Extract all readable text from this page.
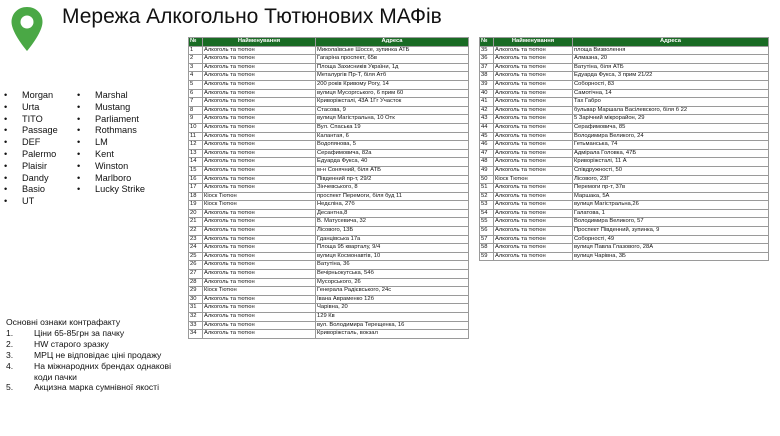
Мережа Алкогольно Тютюнових МАФів
• Morgan
• Urta
• TITO
• Passage
• DEF
• Palermo
• Plaisir
• Dandy
• Basio
• UT
• Marshal
• Mustang
• Parliament
• Rothmans
• LM
• Kent
• Winston
• Marlboro
• Lucky Strike
Основні ознаки контрафакту
1. Ціни 65-85грн за пачку
2. HW старого зразку
3. МРЦ не відповідає ціні продажу
4. На міжнародних брендах однакові коди пачки
5. Акцизна марка сумнівної якості
№	Найменування	Адреса
1	Алкоголь та тютюн	Миколаївське Шоссе, зупинка АТБ
2	Алкоголь та тютюн	Гагаріна проспект, 65в
3	Алкоголь та тютюн	Площа Захисників України, 1д
4	Алкоголь та тютюн	Металургів Пр-Т, біля Атб
5	Алкоголь та тютюн	200 років Кривому Рогу, 14
6	Алкоголь та тютюн	вулиця Мусоргського, 6 прим 60
7	Алкоголь та тютюн	Криворіжсталі, 43А 1Гг Участок
8	Алкоголь та тютюн	Стасова, 9
9	Алкоголь та тютюн	вулиця Магістральна, 10 Отк
10	Алкоголь та тютюн	Вул. Спаська 19
11	Алкоголь та тютюн	Калантая, 6
12	Алкоголь та тютюн	Водопянова, 5
13	Алкоголь та тютюн	Серафимовича, 82а
14	Алкоголь та тютюн	Едуарда Фукса, 40
15	Алкоголь та тютюн	м-н Сонячний, біля АТБ
16	Алкоголь та тютюн	Південний пр-т, 29/2
17	Алкоголь та тютюн	Зінчевського, 8
18	Кіоск Тютюн	проспект Перемоги, біля буд 11
19	Кіоск Тютюн	Недєліна, 27б
20	Алкоголь та тютюн	Десантна,8
21	Алкоголь та тютюн	В. Матусевича, 32
22	Алкоголь та тютюн	Лісового, 13Б
23	Алкоголь та тютюн	Гданцівська 17а
24	Алкоголь та тютюн	Площа 95 кварталу, 9/4
25	Алкоголь та тютюн	вулиця Космонавтів, 10
26	Алкоголь та тютюн	Ватутіна, 36
27	Алкоголь та тютюн	Вечірньокутська, 54б
28	Алкоголь та тютюн	Мусорського, 26
29	Кіоск Тютюн	Генерала Радієвського, 24с
30	Алкоголь та тютюн	Івана Авраменко 12б
31	Алкоголь та тютюн	Чарівна, 20
32	Алкоголь та тютюн	129 Кв
33	Алкоголь та тютюн	вул. Володимира Терещенка, 16
34	Алкоголь та тютюн	Криворіжсталь, вокзал
№	Найменування	Адреса
35	Алкоголь та тютюн	площа Визволення
36	Алкоголь та тютюн	Алмазна, 20
37	Алкоголь та тютюн	Ватутіна, біля АТБ
38	Алкоголь та тютюн	Едуарда Фукса, 3 прим 21/22
39	Алкоголь та тютюн	Соборності, 83
40	Алкоголь та тютюн	Самотічна, 14
41	Алкоголь та тютюн	Тах Габро
42	Алкоголь та тютюн	бульвар Маршала Васілевского, біля б 22
43	Алкоголь та тютюн	5 Зарічний мікрорайон, 29
44	Алкоголь та тютюн	Серафимовича, 85
45	Алкоголь та тютюн	Володимира Великого, 24
46	Алкоголь та тютюн	Гетьманська, 74
47	Алкоголь та тютюн	Адмірала Головка, 47Б
48	Алкоголь та тютюн	Криворіжсталі, 11 А
49	Алкоголь та тютюн	Співдружності, 50
50	Кіоск Тютюн	Лісового, 23Г
51	Алкоголь та тютюн	Перемоги пр-т, 37в
52	Алкоголь та тютюн	Маршака, 5А
53	Алкоголь та тютюн	вулиця Магістральна,26
54	Алкоголь та тютюн	Галатова, 1
55	Алкоголь та тютюн	Володимира Великого, 57
56	Алкоголь та тютюн	Проспект Південний, зупинка, 9
57	Алкоголь та тютюн	Соборності, 49
58	Алкоголь та тютюн	вулиця Павла Глазового, 28А
59	Алкоголь та тютюн	вулиця Чарівна, 3Б
